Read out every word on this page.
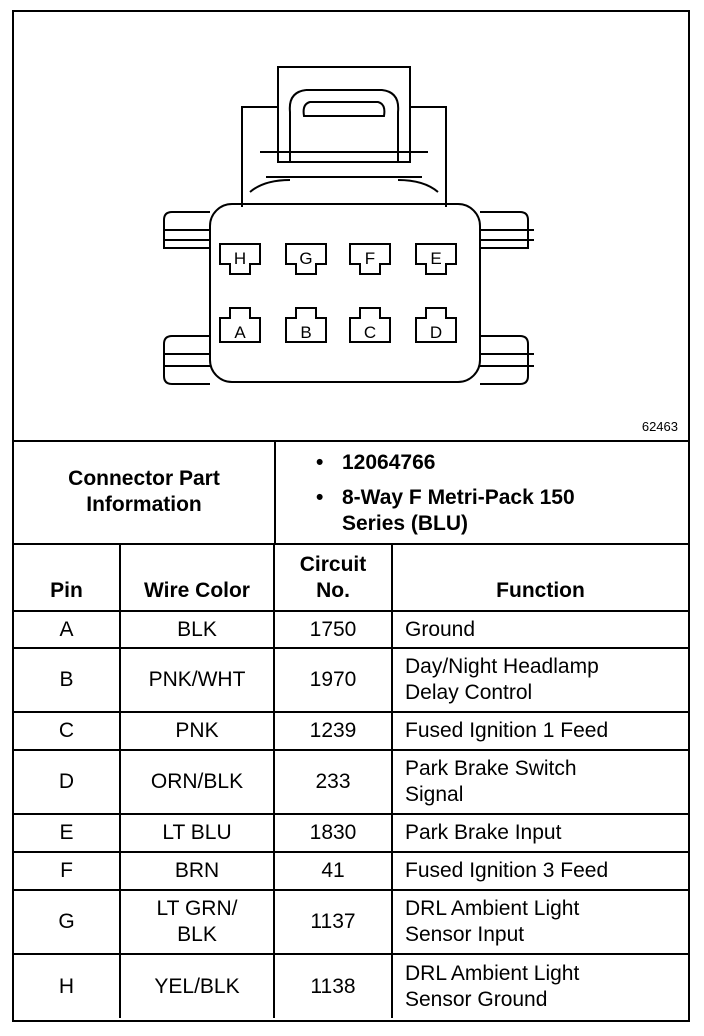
H	G	F	E
A	B	C	D
62463
Connector Part Information
• 12064766
• 8-Way F Metri-Pack 150 Series (BLU)
Pin	Wire Color	Circuit No.	Function
A	BLK	1750	Ground
B	PNK/WHT	1970	Day/Night Headlamp Delay Control
C	PNK	1239	Fused Ignition 1 Feed
D	ORN/BLK	233	Park Brake Switch Signal
E	LT BLU	1830	Park Brake Input
F	BRN	41	Fused Ignition 3 Feed
G	LT GRN/ BLK	1137	DRL Ambient Light Sensor Input
H	YEL/BLK	1138	DRL Ambient Light Sensor Ground
